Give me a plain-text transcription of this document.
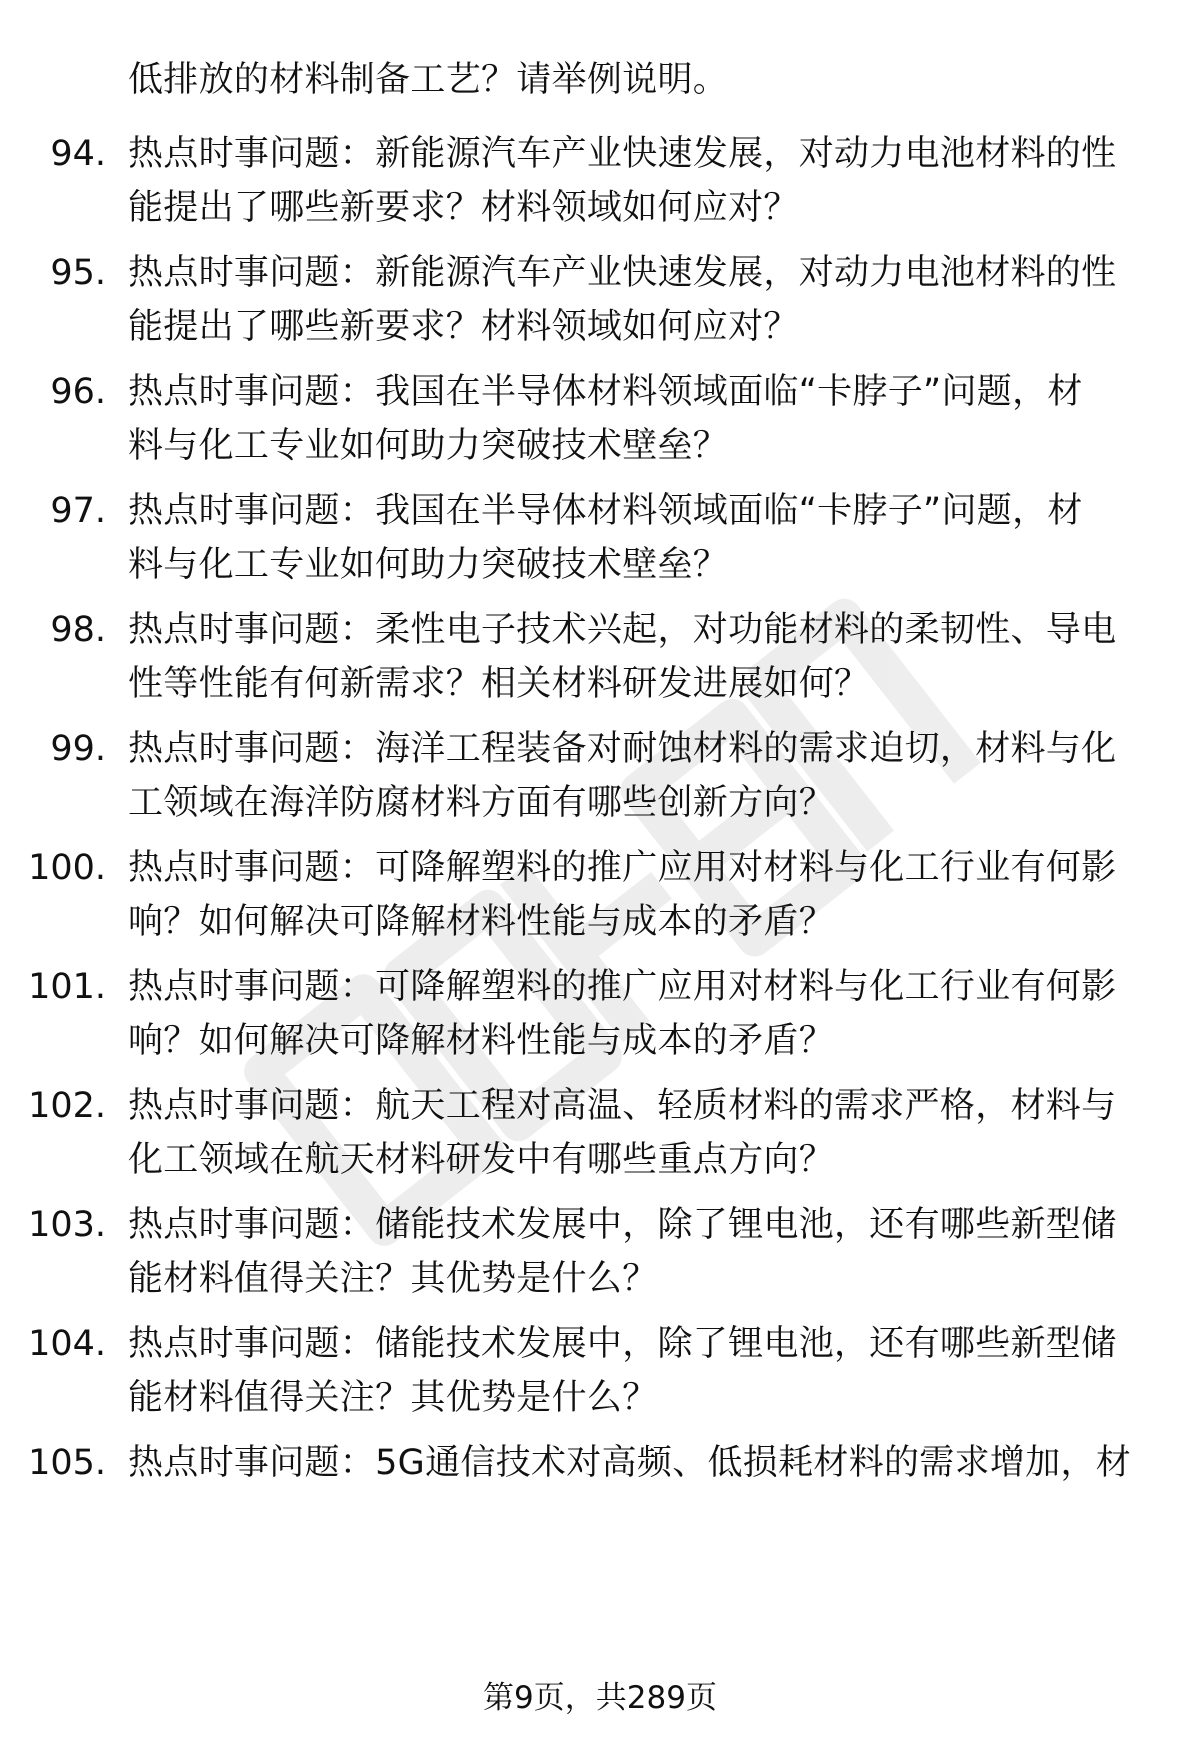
低排放的材料制备工艺？请举例说明。
94. 热点时事问题：新能源汽车产业快速发展，对动力电池材料的性
能提出了哪些新要求？材料领域如何应对？
95. 热点时事问题：新能源汽车产业快速发展，对动力电池材料的性
能提出了哪些新要求？材料领域如何应对？
96. 热点时事问题：我国在半导体材料领域面临“卡脖子”问题，材
料与化工专业如何助力突破技术壁垒？
97. 热点时事问题：我国在半导体材料领域面临“卡脖子”问题，材
料与化工专业如何助力突破技术壁垒？
98. 热点时事问题：柔性电子技术兴起，对功能材料的柔韧性、导电
性等性能有何新需求？相关材料研发进展如何？
99. 热点时事问题：海洋工程装备对耐蚀材料的需求迫切，材料与化
工领域在海洋防腐材料方面有哪些创新方向？
100. 热点时事问题：可降解塑料的推广应用对材料与化工行业有何影
响？如何解决可降解材料性能与成本的矛盾？
101. 热点时事问题：可降解塑料的推广应用对材料与化工行业有何影
响？如何解决可降解材料性能与成本的矛盾？
102. 热点时事问题：航天工程对高温、轻质材料的需求严格，材料与
化工领域在航天材料研发中有哪些重点方向？
103. 热点时事问题：储能技术发展中，除了锂电池，还有哪些新型储
能材料值得关注？其优势是什么？
104. 热点时事问题：储能技术发展中，除了锂电池，还有哪些新型储
能材料值得关注？其优势是什么？
105. 热点时事问题：5G通信技术对高频、低损耗材料的需求增加，材
第9页，共289页
